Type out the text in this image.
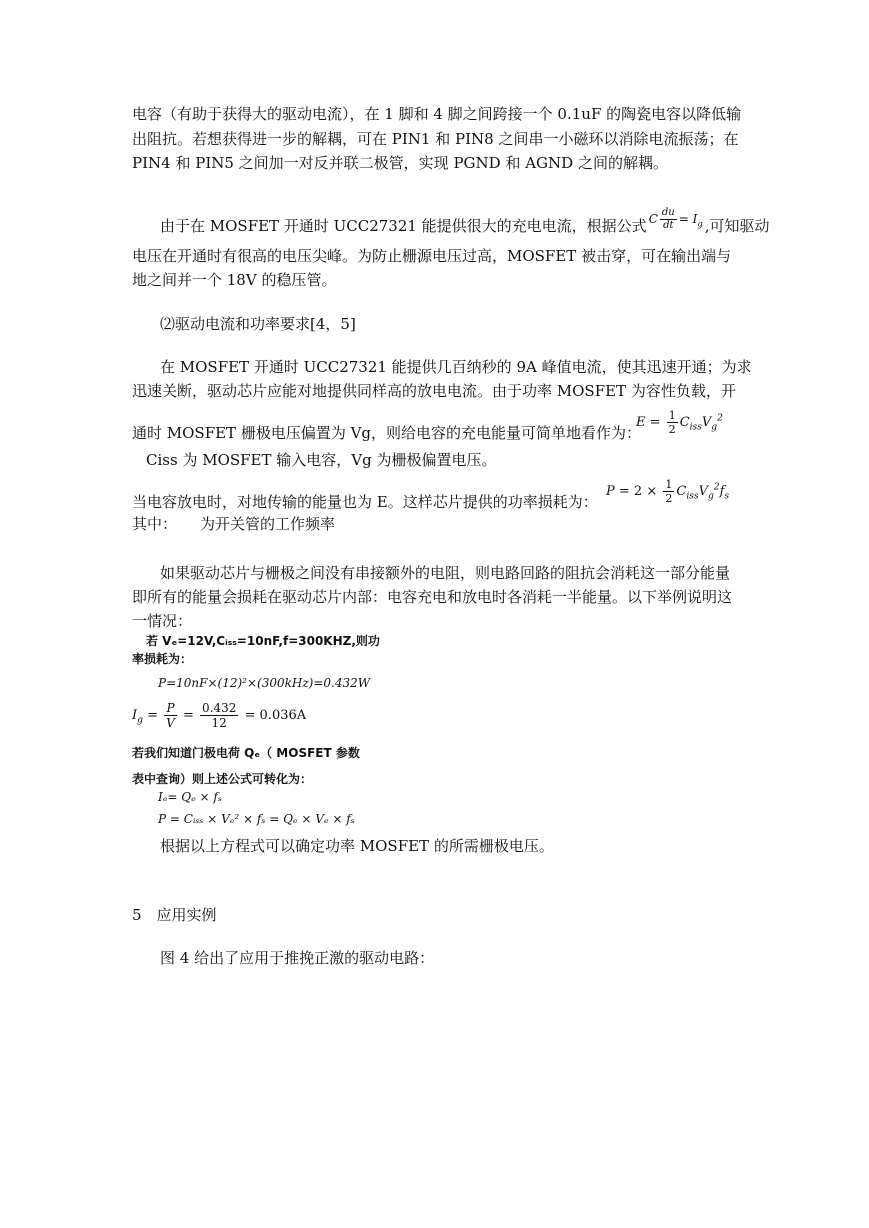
电容（有助于获得大的驱动电流），在 1 脚和 4 脚之间跨接一个 0.1uF 的陶瓷电容以降低输
出阻抗。若想获得进一步的解耦，可在 PIN1 和 PIN8 之间串一小磁环以消除电流振荡；在
PIN4 和 PIN5 之间加一对反并联二极管，实现 PGND 和 AGND 之间的解耦。
由于在 MOSFET 开通时 UCC27321 能提供很大的充电电流，根据公式 C $\frac{du}{dt} = I_g$ ,可知驱动
电压在开通时有很高的电压尖峰。为防止栅源电压过高，MOSFET 被击穿，可在输出端与
地之间并一个 18V 的稳压管。
⑵驱动电流和功率要求[4，5]
在 MOSFET 开通时 UCC27321 能提供几百纳秒的 9A 峰值电流，使其迅速开通；为求
迅速关断，驱动芯片应能对地提供同样高的放电电流。由于功率 MOSFET 为容性负载，开
通时 MOSFET 栅极电压偏置为 Vg，则给电容的充电能量可简单地看作为：
$E = \frac{1}{2} C_{iss}V_g^2$
Ciss 为 MOSFET 输入电容，Vg 为栅极偏置电压。
当电容放电时，对地传输的能量也为 E。这样芯片提供的功率损耗为：
$P = 2 \times \frac{1}{2} C_{iss}V_g^2f_s$
其中： 为开关管的工作频率
如果驱动芯片与栅极之间没有串接额外的电阻，则电路回路的阻抗会消耗这一部分能量
即所有的能量会损耗在驱动芯片内部：电容充电和放电时各消耗一半能量。以下举例说明这
一情况：
若 Vₑ=12V,Cᵢₛₛ=10nF,f=300KHZ,则功
率损耗为：
P=10nF×(12)²×(300kHz)=0.432W
$I_g = \frac{P}{V} = \frac{0.432}{12} = 0.036A$
若我们知道门极电荷 Qₑ（ MOSFET 参数
表中查询）则上述公式可转化为：
Iₑ= Qₑ × fₛ
P = Cᵢₛₛ × Vₑ² × fₛ = Qₑ × Vₑ × fₛ
根据以上方程式可以确定功率 MOSFET 的所需栅极电压。
5　应用实例
图 4 给出了应用于推挽正激的驱动电路：
